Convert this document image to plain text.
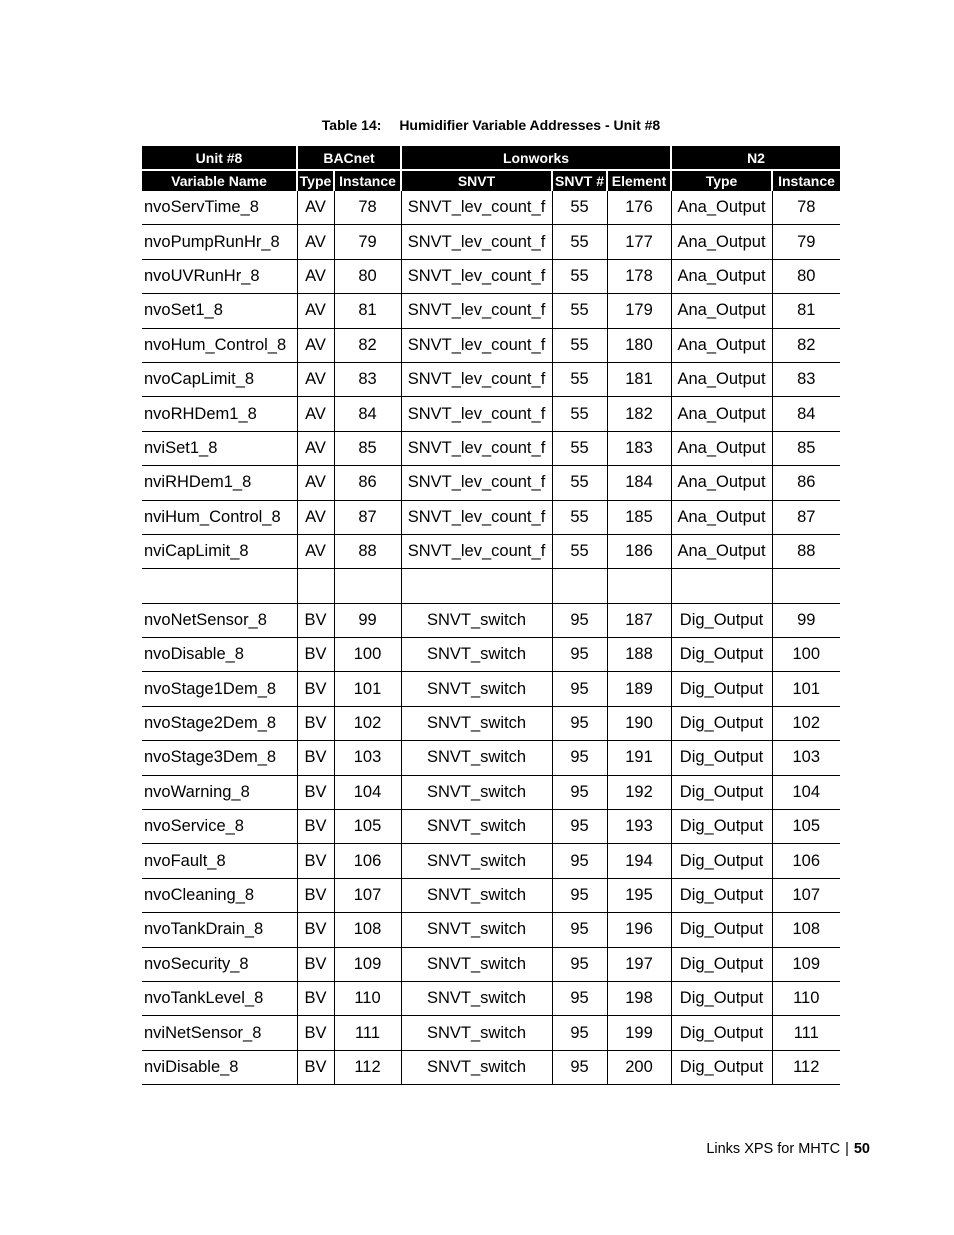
Table 14: Humidifier Variable Addresses - Unit #8
Unit #8	BACnet		Lonworks			N2	
Variable Name	Type	Instance	SNVT	SNVT #	Element	Type	Instance
nvoServTime_8	AV	78	SNVT_lev_count_f	55	176	Ana_Output	78
nvoPumpRunHr_8	AV	79	SNVT_lev_count_f	55	177	Ana_Output	79
nvoUVRunHr_8	AV	80	SNVT_lev_count_f	55	178	Ana_Output	80
nvoSet1_8	AV	81	SNVT_lev_count_f	55	179	Ana_Output	81
nvoHum_Control_8	AV	82	SNVT_lev_count_f	55	180	Ana_Output	82
nvoCapLimit_8	AV	83	SNVT_lev_count_f	55	181	Ana_Output	83
nvoRHDem1_8	AV	84	SNVT_lev_count_f	55	182	Ana_Output	84
nviSet1_8	AV	85	SNVT_lev_count_f	55	183	Ana_Output	85
nviRHDem1_8	AV	86	SNVT_lev_count_f	55	184	Ana_Output	86
nviHum_Control_8	AV	87	SNVT_lev_count_f	55	185	Ana_Output	87
nviCapLimit_8	AV	88	SNVT_lev_count_f	55	186	Ana_Output	88

nvoNetSensor_8	BV	99	SNVT_switch	95	187	Dig_Output	99
nvoDisable_8	BV	100	SNVT_switch	95	188	Dig_Output	100
nvoStage1Dem_8	BV	101	SNVT_switch	95	189	Dig_Output	101
nvoStage2Dem_8	BV	102	SNVT_switch	95	190	Dig_Output	102
nvoStage3Dem_8	BV	103	SNVT_switch	95	191	Dig_Output	103
nvoWarning_8	BV	104	SNVT_switch	95	192	Dig_Output	104
nvoService_8	BV	105	SNVT_switch	95	193	Dig_Output	105
nvoFault_8	BV	106	SNVT_switch	95	194	Dig_Output	106
nvoCleaning_8	BV	107	SNVT_switch	95	195	Dig_Output	107
nvoTankDrain_8	BV	108	SNVT_switch	95	196	Dig_Output	108
nvoSecurity_8	BV	109	SNVT_switch	95	197	Dig_Output	109
nvoTankLevel_8	BV	110	SNVT_switch	95	198	Dig_Output	110
nviNetSensor_8	BV	111	SNVT_switch	95	199	Dig_Output	111
nviDisable_8	BV	112	SNVT_switch	95	200	Dig_Output	112
Links XPS for MHTC | 50
